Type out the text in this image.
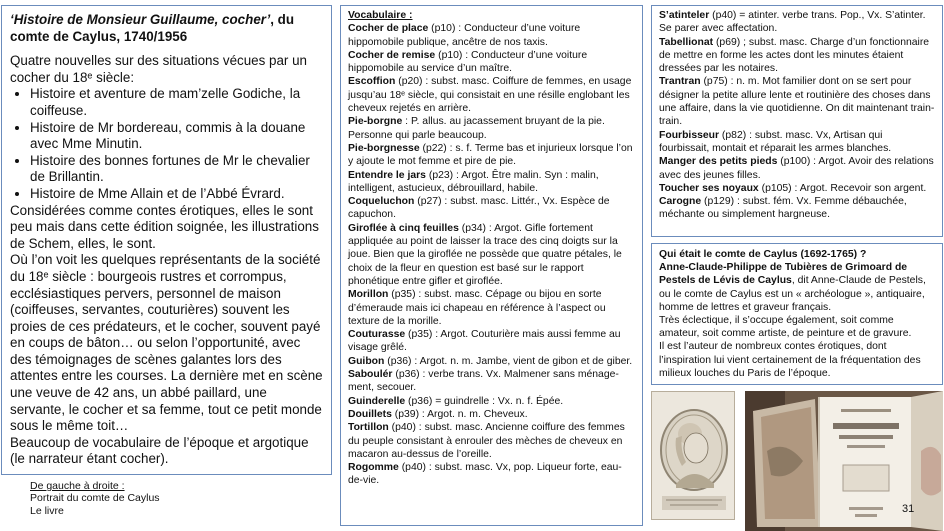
‘Histoire de Monsieur Guillaume, cocher’, du comte de Caylus, 1740/1956

Quatre nouvelles sur des situations vécues par un cocher du 18ᵉ siècle:

• Histoire et aventure de mam’zelle Godiche, la coiffeuse.
• Histoire de Mr bordereau, commis à la douane avec Mme Minutin.
• Histoire des bonnes fortunes de Mr le chevalier de Brillantin.
• Histoire de Mme Allain et de l’Abbé Évrard.

Considérées comme contes érotiques, elles le sont peu mais dans cette édition soignée, les illustrations de Schem, elles, le sont.

Où l’on voit les quelques représentants de la société du 18ᵉ siècle : bourgeois rustres et corrompus, ecclésiastiques pervers, personnel de maison (coiffeuses, servantes, couturières) souvent les proies de ces prédateurs, et le cocher, souvent payé en coups de bâton… ou selon l’opportunité, avec des témoignages de scènes galantes lors des attentes entre les courses. La dernière met en scène une veuve de 42 ans, un abbé paillard, une servante, le cocher et sa femme, tout ce petit monde sous le même toit…

Beaucoup de vocabulaire de l’époque et argotique (le narrateur étant cocher).

De gauche à droite :
Portrait du comte de Caylus
Le livre
Vocabulaire :
Cocher de place (p10) : Conducteur d’une voiture hippomobile publique, ancêtre de nos taxis.
Cocher de remise (p10) : Conducteur d’une voiture hippomobile au service d’un maître.
Escoffion (p20) : subst. masc. Coiffure de femmes, en usage jusqu’au 18ᵉ siècle, qui consistait en une résille englobant les cheveux rejetés en arrière.
Pie-borgne : P. allus. au jacassement bruyant de la pie. Personne qui parle beaucoup.
Pie-borgnesse (p22) : s. f. Terme bas et injurieux lorsque l’on y ajoute le mot femme et pire de pie.
Entendre le jars (p23) : Argot. Être malin. Syn : malin, intelligent, astucieux, débrouillard, habile.
Coqueluchon (p27) : subst. masc. Littér., Vx. Espèce de capuchon.
Giroflée à cinq feuilles (p34) : Argot. Gifle fortement appliquée au point de laisser la trace des cinq doigts sur la joue. Bien que la giroflée ne possède que quatre pétales, le choix de la fleur en question est basé sur le rapport phonétique entre gifler et giroflée.
Morillon (p35) : subst. masc. Cépage ou bijou en sorte d’émeraude mais ici chapeau en référence à l’aspect ou texture de la morille.
Couturasse (p35) : Argot. Couturière mais aussi femme au visage grêlé.
Guibon (p36) : Argot. n. m. Jambe, vient de gibon et de giber.
Saboulér (p36) : verbe trans. Vx. Malmener sans ménage-ment, secouer.
Guinderelle (p36) = guindrelle : Vx. n. f. Épée.
Douillets (p39) : Argot. n. m. Cheveux.
Tortillon (p40) : subst. masc. Ancienne coiffure des femmes du peuple consistant à enrouler des mèches de cheveux en macaron au-dessus de l’oreille.
Rogomme (p40) : subst. masc. Vx, pop. Liqueur forte, eau-de-vie.
S’atinteler (p40) = atinter. verbe trans. Pop., Vx. S’atinter. Se parer avec affectation.
Tabellionat (p69) ; subst. masc. Charge d’un fonctionnaire de mettre en forme les actes dont les minutes étaient dressées par les notaires.
Trantran (p75) : n. m. Mot familier dont on se sert pour désigner la petite allure lente et routinière des choses dans une affaire, dans la vie quotidienne. On dit maintenant train-train.
Fourbisseur (p82) : subst. masc. Vx, Artisan qui fourbissait, montait et réparait les armes blanches.
Manger des petits pieds (p100) : Argot. Avoir des relations avec des jeunes filles.
Toucher ses noyaux (p105) : Argot. Recevoir son argent.
Carogne (p129) : subst. fém. Vx. Femme débauchée, méchante ou simplement hargneuse.
Qui était le comte de Caylus (1692-1765) ?
Anne-Claude-Philippe de Tubières de Grimoard de Pestels de Lévis de Caylus, dit Anne-Claude de Pestels, ou le comte de Caylus est un « archéologue », antiquaire, homme de lettres et graveur français.
Très éclectique, il s’occupe également, soit comme amateur, soit comme artiste, de peinture et de gravure.
Il est l’auteur de nombreux contes érotiques, dont l’inspiration lui vient certainement de la fréquentation des milieux louches du Paris de l’époque.
31
